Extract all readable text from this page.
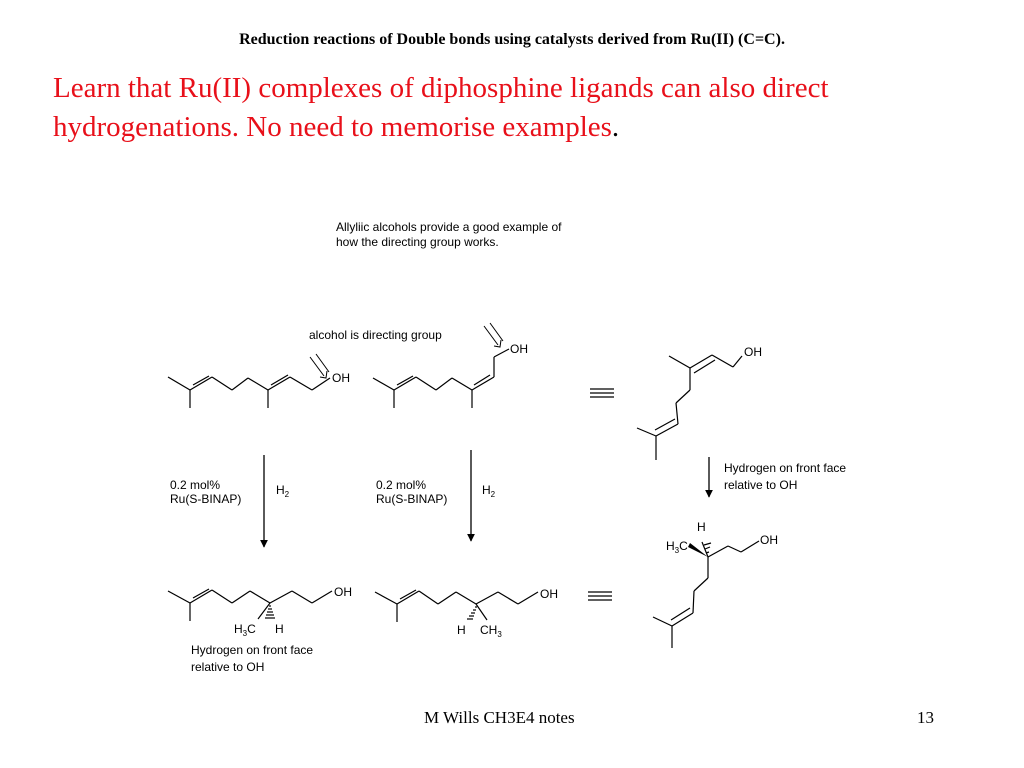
Reduction reactions of Double bonds using catalysts derived from Ru(II) (C=C).
Learn that Ru(II) complexes of diphosphine ligands can also direct hydrogenations. No need to memorise examples.
Allyliic alcohols provide a good example of
how the directing group works.
OH
alcohol is directing group
OH	OH
0.2 mol%
Ru(S-BINAP)
$H_2$
0.2 mol%
Ru(S-BINAP)
$H_2$
Hydrogen on front face
relative to OH
OH
$H_3C$ H
Hydrogen on front face
relative to OH
OH
H $CH_3$
H
$H_3C$	OH
M Wills CH3E4 notes	13
